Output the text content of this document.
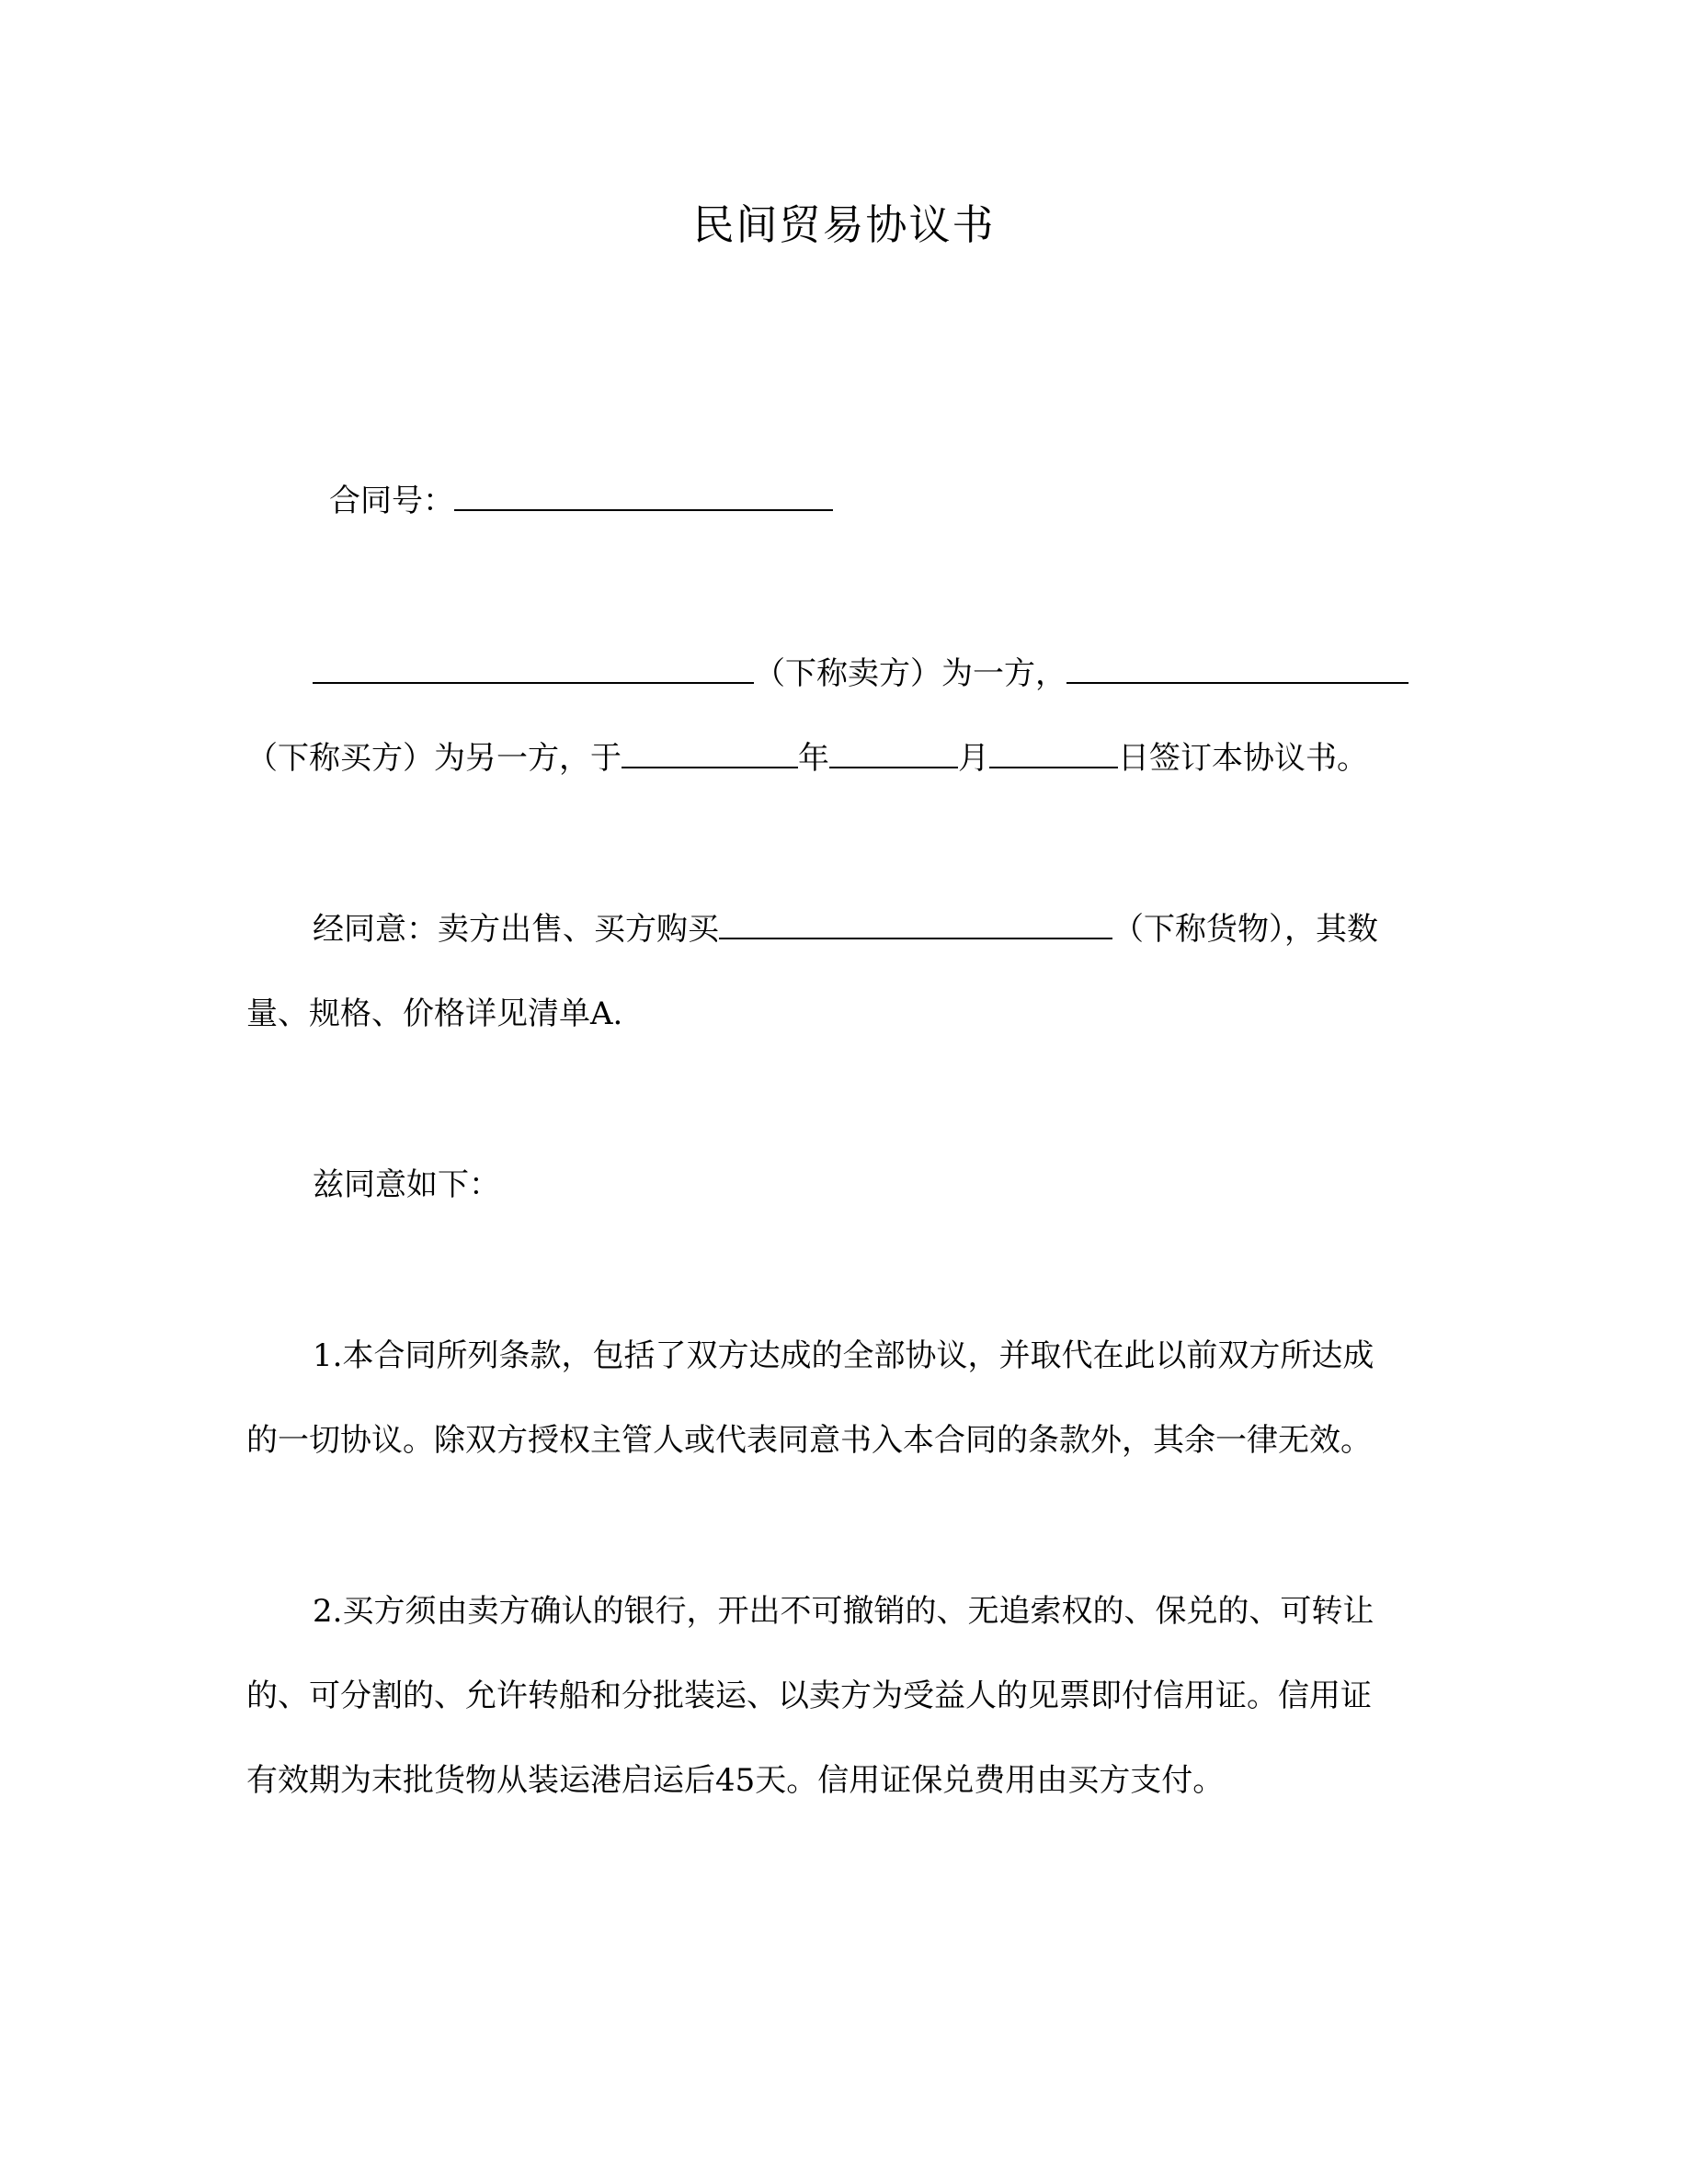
民间贸易协议书
合同号：
（下称卖方）为一方，
（下称买方）为另一方，于	年	月	日签订本协议书。
经同意：卖方出售、买方购买	（下称货物），其数
量、规格、价格详见清单A.
兹同意如下：
1.本合同所列条款，包括了双方达成的全部协议，并取代在此以前双方所达成
的一切协议。除双方授权主管人或代表同意书入本合同的条款外，其余一律无效。
2.买方须由卖方确认的银行，开出不可撤销的、无追索权的、保兑的、可转让
的、可分割的、允许转船和分批装运、以卖方为受益人的见票即付信用证。信用证
有效期为末批货物从装运港启运后45天。信用证保兑费用由买方支付。
